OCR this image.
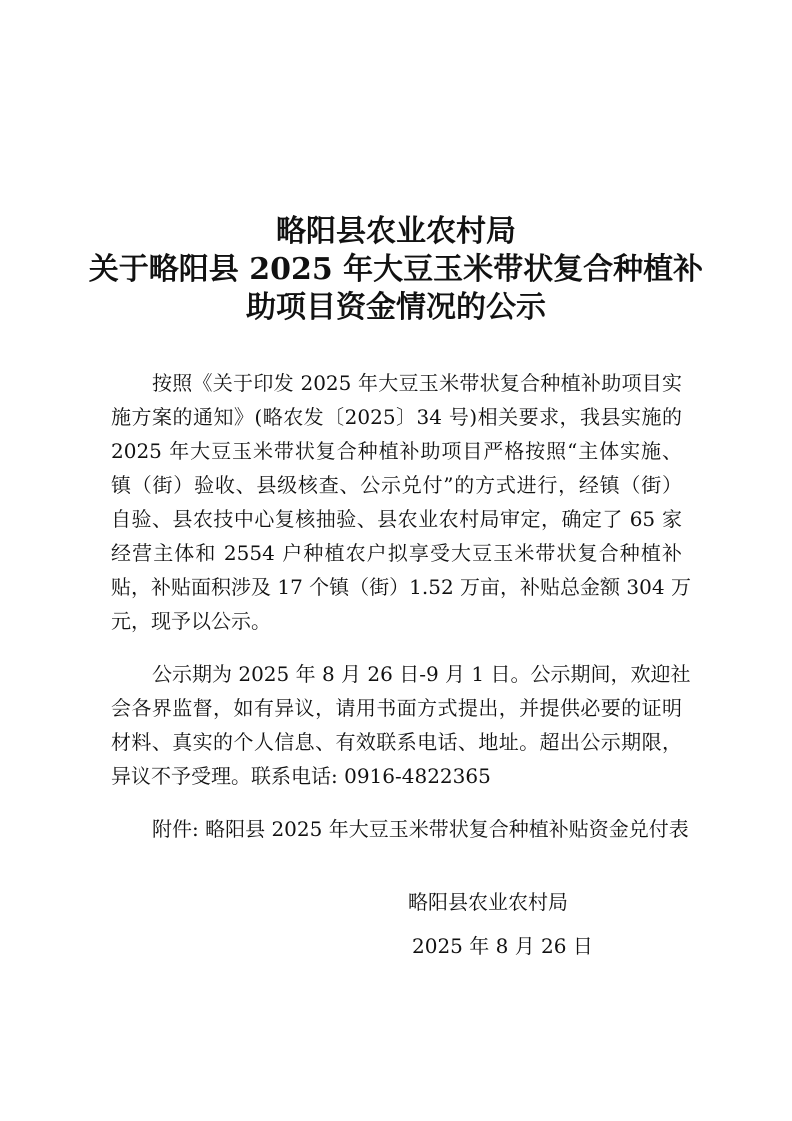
略阳县农业农村局
关于略阳县 2025 年大豆玉米带状复合种植补
助项目资金情况的公示
按照《关于印发 2025 年大豆玉米带状复合种植补助项目实
施方案的通知》(略农发〔2025〕34 号)相关要求，我县实施的
2025 年大豆玉米带状复合种植补助项目严格按照“主体实施、
镇（街）验收、县级核查、公示兑付”的方式进行，经镇（街）
自验、县农技中心复核抽验、县农业农村局审定，确定了 65 家
经营主体和 2554 户种植农户拟享受大豆玉米带状复合种植补
贴，补贴面积涉及 17 个镇（街）1.52 万亩，补贴总金额 304 万
元，现予以公示。
公示期为 2025 年 8 月 26 日-9 月 1 日。公示期间，欢迎社
会各界监督，如有异议，请用书面方式提出，并提供必要的证明
材料、真实的个人信息、有效联系电话、地址。超出公示期限，
异议不予受理。联系电话: 0916-4822365
附件: 略阳县 2025 年大豆玉米带状复合种植补贴资金兑付表
略阳县农业农村局
2025 年 8 月 26 日
